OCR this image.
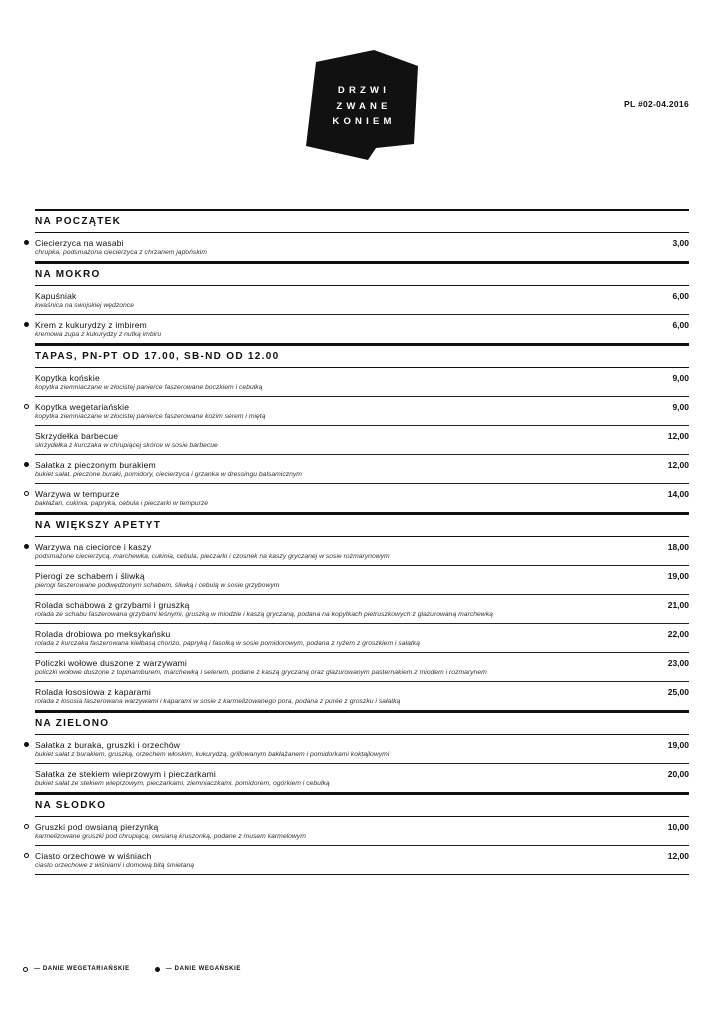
DRZWI
ZWANE
KONIEM
PL #02-04.2016
NA POCZĄTEK
Ciecierzyca na wasabi
chrupka, podsmażona ciecierzyca z chrzanem japońskim
3,00
NA MOKRO
Kapuśniak
kwaśnica na swojskiej wędzonce
6,00
Krem z kukurydzy z imbirem
kremowa zupa z kukurydzy z nutką imbiru
6,00
TAPAS, PN-PT OD 17.00, SB-ND OD 12.00
Kopytka końskie
kopytka ziemniaczane w złocistej panierce faszerowane boczkiem i cebulką
9,00
Kopytka wegetariańskie
kopytka ziemniaczane w złocistej panierce faszerowane kozim serem i miętą
9,00
Skrzydełka barbecue
skrzydełka z kurczaka w chrupiącej skórce w sosie barbecue
12,00
Sałatka z pieczonym burakiem
bukiet sałat, pieczone buraki, pomidory, ciecierzyca i grzanka w dressingu balsamicznym
12,00
Warzywa w tempurze
bakłażan, cukinia, papryka, cebula i pieczarki w tempurze
14,00
NA WIĘKSZY APETYT
Warzywa na cieciorce i kaszy
podsmażone ciecierzycą, marchewka, cukinia, cebula, pieczarki i czosnek na kaszy gryczanej w sosie rozmarynowym
18,00
Pierogi ze schabem i śliwką
pierogi faszerowane podwędzonym schabem, śliwką i cebulą w sosie grzybowym
19,00
Rolada schabowa z grzybami i gruszką
rolada ze schabu faszerowana grzybami leśnymi, gruszką w miodzie i kaszą gryczaną, podana na kopytkach pietruszkowych z glazurowaną marchewką
21,00
Rolada drobiowa po meksykańsku
rolada z kurczaka faszerowana kiełbasą chorizo, papryką i fasolką w sosie pomidorowym, podana z ryżem z groszkiem i sałatką
22,00
Policzki wołowe duszone z warzywami
policzki wołowe duszone z topinamburem, marchewką i selerem, podane z kaszą gryczaną oraz glazurowanym pasternakiem z miodem i rozmarynem
23,00
Rolada łososiowa z kaparami
rolada z łososia faszerowana warzywami i kaparami w sosie z karmelizowanego pora, podana z purée z groszku i sałatką
25,00
NA ZIELONO
Sałatka z buraka, gruszki i orzechów
bukiet sałat z burakiem, gruszką, orzechem włoskim, kukurydzą, grillowanym bakłażanem i pomidorkami koktajlowymi
19,00
Sałatka ze stekiem wieprzowym i pieczarkami
bukiet sałat ze stekiem wieprzowym, pieczarkami, ziemniaczkami, pomidorem, ogórkiem i cebulką
20,00
NA SŁODKO
Gruszki pod owsianą pierzynką
karmelizowane gruszki pod chrupiącą, owsianą kruszonką, podane z musem karmelowym
10,00
Ciasto orzechowe w wiśniach
ciasto orzechowe z wiśniami i domową bitą śmietaną
12,00
— DANIE WEGETARIAŃSKIE	— DANIE WEGAŃSKIE
